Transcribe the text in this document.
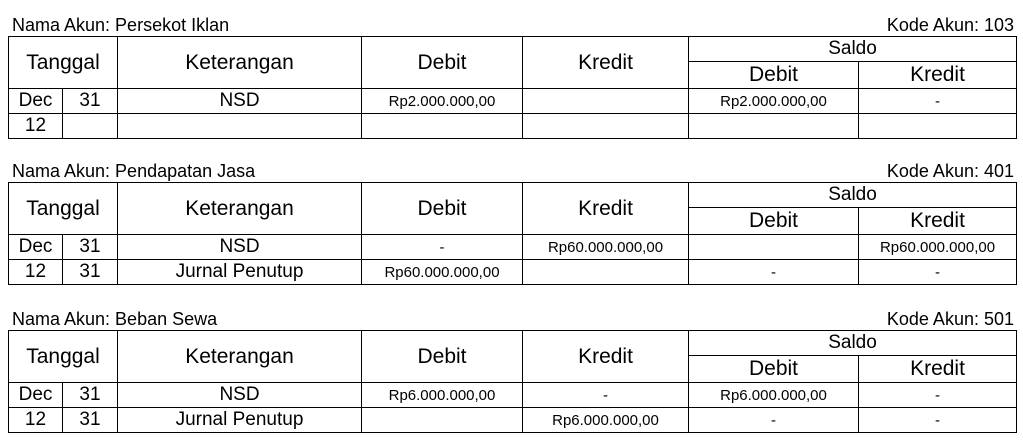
Nama Akun: Persekot Iklan	Kode Akun: 103
Tanggal		Keterangan	Debit	Kredit	Saldo	
					Debit	Kredit
Dec	31	NSD	Rp2.000.000,00		Rp2.000.000,00	-
12						
Nama Akun: Pendapatan Jasa	Kode Akun: 401
Tanggal		Keterangan	Debit	Kredit	Saldo	
					Debit	Kredit
Dec	31	NSD	-	Rp60.000.000,00		Rp60.000.000,00
12	31	Jurnal Penutup	Rp60.000.000,00		-	-
Nama Akun: Beban Sewa	Kode Akun: 501
Tanggal		Keterangan	Debit	Kredit	Saldo	
					Debit	Kredit
Dec	31	NSD	Rp6.000.000,00	-	Rp6.000.000,00	-
12	31	Jurnal Penutup		Rp6.000.000,00	-	-
